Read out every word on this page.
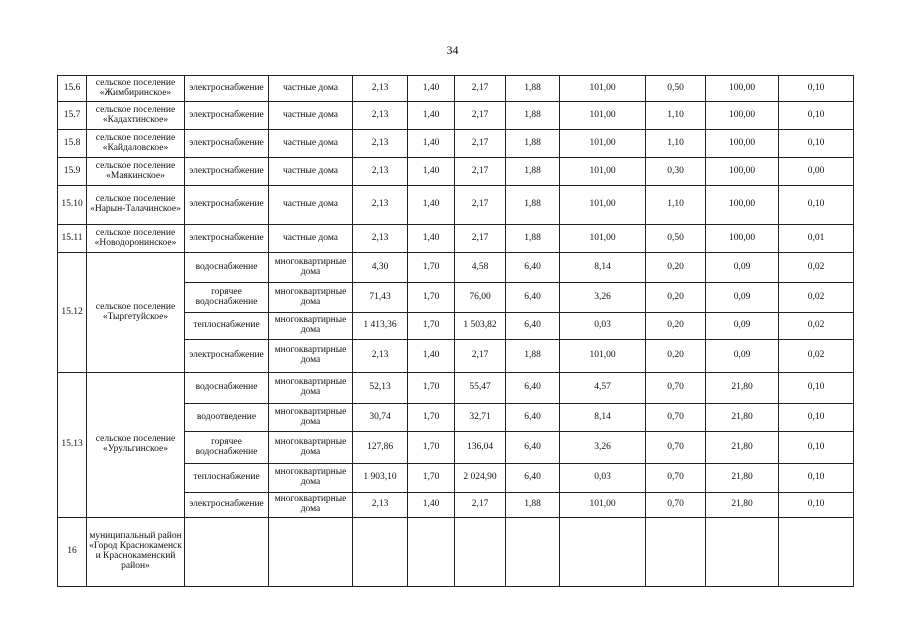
34
15.6	сельское поселение «Жимбиринское»	электроснабжение	частные дома	2,13	1,40	2,17	1,88	101,00	0,50	100,00	0,10
15.7	сельское поселение «Кадахтинское»	электроснабжение	частные дома	2,13	1,40	2,17	1,88	101,00	1,10	100,00	0,10
15.8	сельское поселение «Кайдаловское»	электроснабжение	частные дома	2,13	1,40	2,17	1,88	101,00	1,10	100,00	0,10
15.9	сельское поселение «Маякинское»	электроснабжение	частные дома	2,13	1,40	2,17	1,88	101,00	0,30	100,00	0,00
15.10	сельское поселение «Нарын-Талачинское»	электроснабжение	частные дома	2,13	1,40	2,17	1,88	101,00	1,10	100,00	0,10
15.11	сельское поселение «Новодоронинское»	электроснабжение	частные дома	2,13	1,40	2,17	1,88	101,00	0,50	100,00	0,01
15.12	сельское поселение «Тыргетуйское»	водоснабжение	многоквартирные дома	4,30	1,70	4,58	6,40	8,14	0,20	0,09	0,02
		горячее водоснабжение	многоквартирные дома	71,43	1,70	76,00	6,40	3,26	0,20	0,09	0,02
		теплоснабжение	многоквартирные дома	1 413,36	1,70	1 503,82	6,40	0,03	0,20	0,09	0,02
		электроснабжение	многоквартирные дома	2,13	1,40	2,17	1,88	101,00	0,20	0,09	0,02
15.13	сельское поселение «Урульгинское»	водоснабжение	многоквартирные дома	52,13	1,70	55,47	6,40	4,57	0,70	21,80	0,10
		водоотведение	многоквартирные дома	30,74	1,70	32,71	6,40	8,14	0,70	21,80	0,10
		горячее водоснабжение	многоквартирные дома	127,86	1,70	136,04	6,40	3,26	0,70	21,80	0,10
		теплоснабжение	многоквартирные дома	1 903,10	1,70	2 024,90	6,40	0,03	0,70	21,80	0,10
		электроснабжение	многоквартирные дома	2,13	1,40	2,17	1,88	101,00	0,70	21,80	0,10
16	муниципальный район «Город Краснокаменск и Краснокаменский район»										
